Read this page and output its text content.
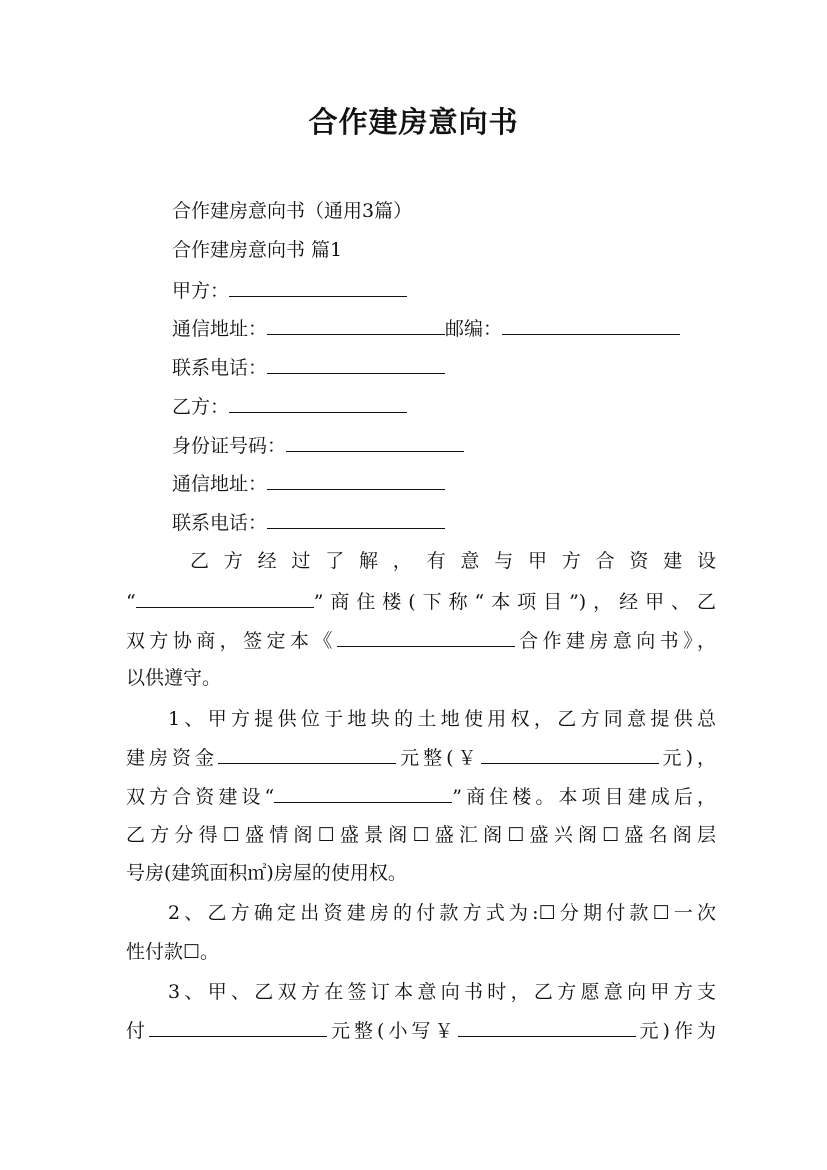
合作建房意向书
合作建房意向书（通用3篇）
合作建房意向书 篇1
甲方：
通信地址：	邮编：
联系电话：
乙方：
身份证号码：
通信地址：
联系电话：
乙 方 经 过 了 解 ， 有 意 与 甲 方 合 资 建 设
“	”商住楼(下称“本项目”)，经甲、乙
双方协商，签定本《	合作建房意向书》，
以供遵守。
1、甲方提供位于地块的土地使用权，乙方同意提供总
建房资金	元整(￥	元)，
双方合资建设“	”商住楼。本项目建成后，
乙方分得☐盛情阁☐盛景阁☐盛汇阁☐盛兴阁☐盛名阁层
号房(建筑面积㎡)房屋的使用权。
2、乙方确定出资建房的付款方式为:☐分期付款☐一次
性付款☐。
3、甲、乙双方在签订本意向书时，乙方愿意向甲方支
付	元整(小写￥	元)作为
